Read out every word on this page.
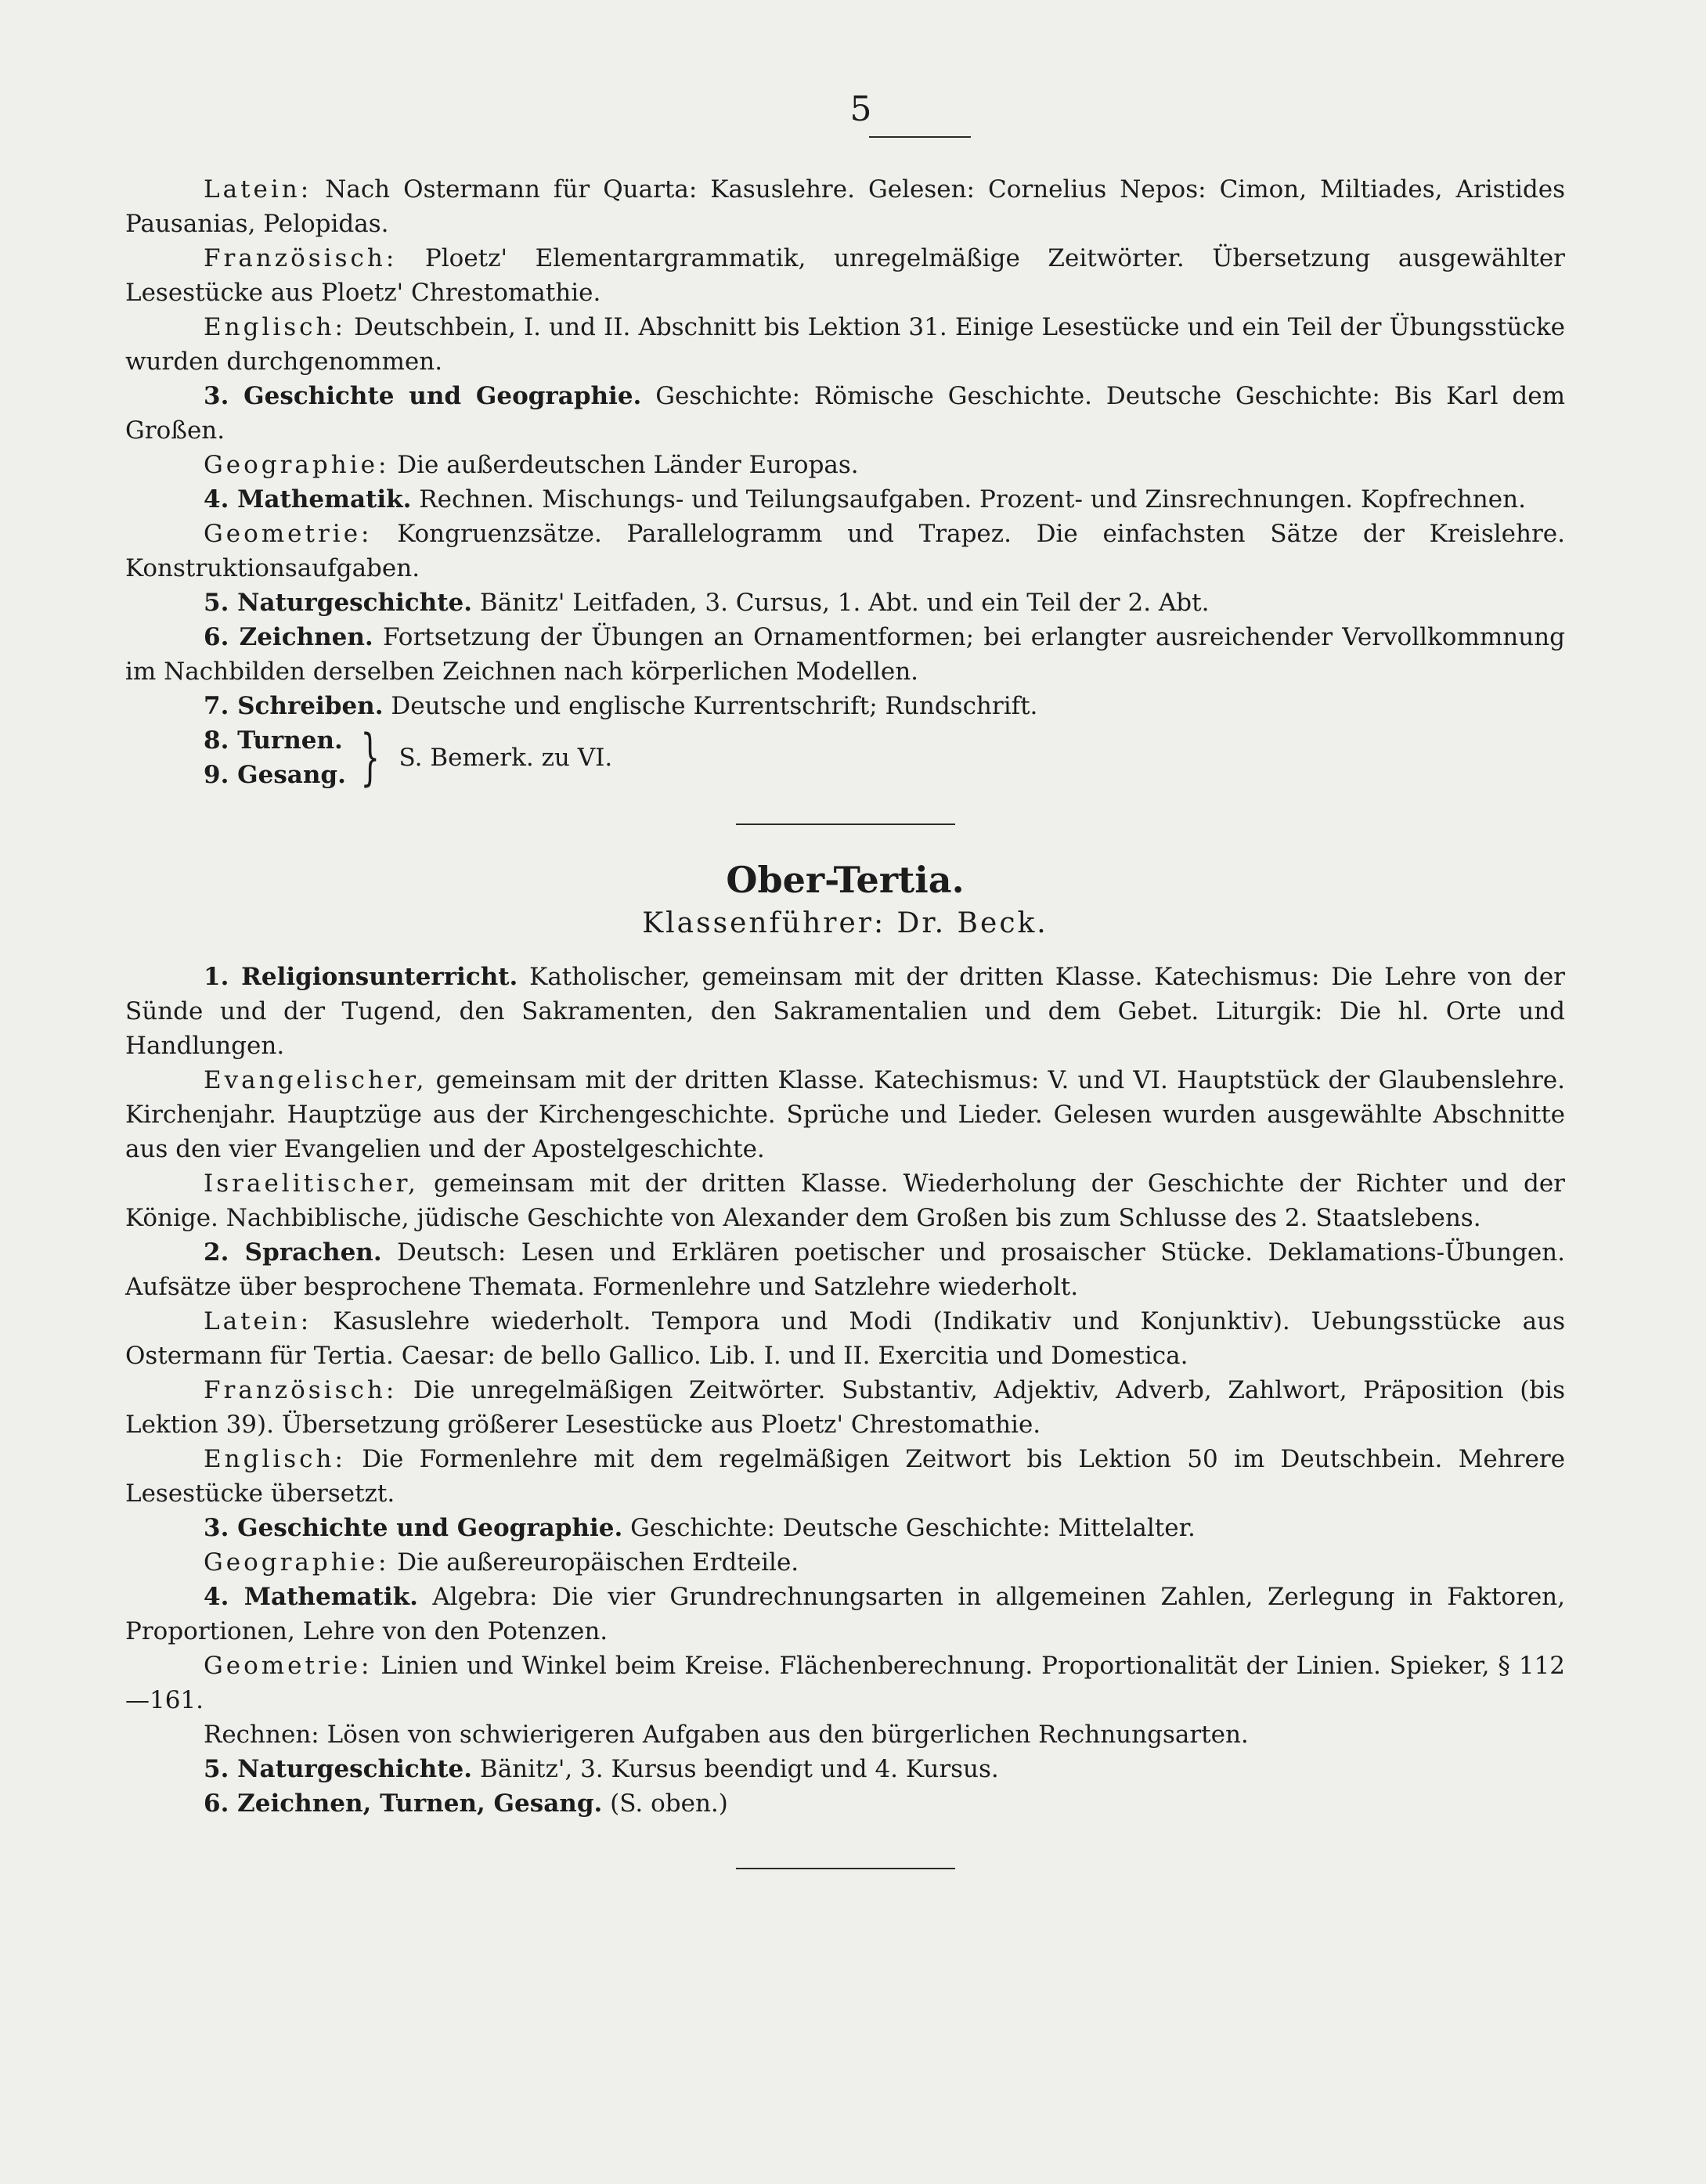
5

Latein: Nach Ostermann für Quarta: Kasuslehre. Gelesen: Cornelius Nepos: Cimon, Miltiades, Aristides Pausanias, Pelopidas.

Französisch: Ploetz' Elementargrammatik, unregelmäßige Zeitwörter. Übersetzung ausgewählter Lesestücke aus Ploetz' Chrestomathie.

Englisch: Deutschbein, I. und II. Abschnitt bis Lektion 31. Einige Lesestücke und ein Teil der Übungsstücke wurden durchgenommen.

3. Geschichte und Geographie. Geschichte: Römische Geschichte. Deutsche Geschichte: Bis Karl dem Großen.

Geographie: Die außerdeutschen Länder Europas.

4. Mathematik. Rechnen. Mischungs- und Teilungsaufgaben. Prozent- und Zinsrechnungen. Kopfrechnen.

Geometrie: Kongruenzsätze. Parallelogramm und Trapez. Die einfachsten Sätze der Kreislehre. Konstruktionsaufgaben.

5. Naturgeschichte. Bänitz' Leitfaden, 3. Cursus, 1. Abt. und ein Teil der 2. Abt.

6. Zeichnen. Fortsetzung der Übungen an Ornamentformen; bei erlangter ausreichender Vervollkommnung im Nachbilden derselben Zeichnen nach körperlichen Modellen.

7. Schreiben. Deutsche und englische Kurrentschrift; Rundschrift.

8. Turnen.
9. Gesang. } S. Bemerk. zu VI.
Ober-Tertia.
Klassenführer: Dr. Beck.

1. Religionsunterricht. Katholischer, gemeinsam mit der dritten Klasse. Katechismus: Die Lehre von der Sünde und der Tugend, den Sakramenten, den Sakramentalien und dem Gebet. Liturgik: Die hl. Orte und Handlungen.

Evangelischer, gemeinsam mit der dritten Klasse. Katechismus: V. und VI. Hauptstück der Glaubenslehre. Kirchenjahr. Hauptzüge aus der Kirchengeschichte. Sprüche und Lieder. Gelesen wurden ausgewählte Abschnitte aus den vier Evangelien und der Apostelgeschichte.

Israelitischer, gemeinsam mit der dritten Klasse. Wiederholung der Geschichte der Richter und der Könige. Nachbiblische, jüdische Geschichte von Alexander dem Großen bis zum Schlusse des 2. Staatslebens.

2. Sprachen. Deutsch: Lesen und Erklären poetischer und prosaischer Stücke. Deklamations-Übungen. Aufsätze über besprochene Themata. Formenlehre und Satzlehre wiederholt.

Latein: Kasuslehre wiederholt. Tempora und Modi (Indikativ und Konjunktiv). Uebungsstücke aus Ostermann für Tertia. Caesar: de bello Gallico. Lib. I. und II. Exercitia und Domestica.

Französisch: Die unregelmäßigen Zeitwörter. Substantiv, Adjektiv, Adverb, Zahlwort, Präposition (bis Lektion 39). Übersetzung größerer Lesestücke aus Ploetz' Chrestomathie.

Englisch: Die Formenlehre mit dem regelmäßigen Zeitwort bis Lektion 50 im Deutschbein. Mehrere Lesestücke übersetzt.

3. Geschichte und Geographie. Geschichte: Deutsche Geschichte: Mittelalter.

Geographie: Die außereuropäischen Erdteile.

4. Mathematik. Algebra: Die vier Grundrechnungsarten in allgemeinen Zahlen, Zerlegung in Faktoren, Proportionen, Lehre von den Potenzen.

Geometrie: Linien und Winkel beim Kreise. Flächenberechnung. Proportionalität der Linien. Spieker, § 112—161.

Rechnen: Lösen von schwierigeren Aufgaben aus den bürgerlichen Rechnungsarten.

5. Naturgeschichte. Bänitz', 3. Kursus beendigt und 4. Kursus.

6. Zeichnen, Turnen, Gesang. (S. oben.)
